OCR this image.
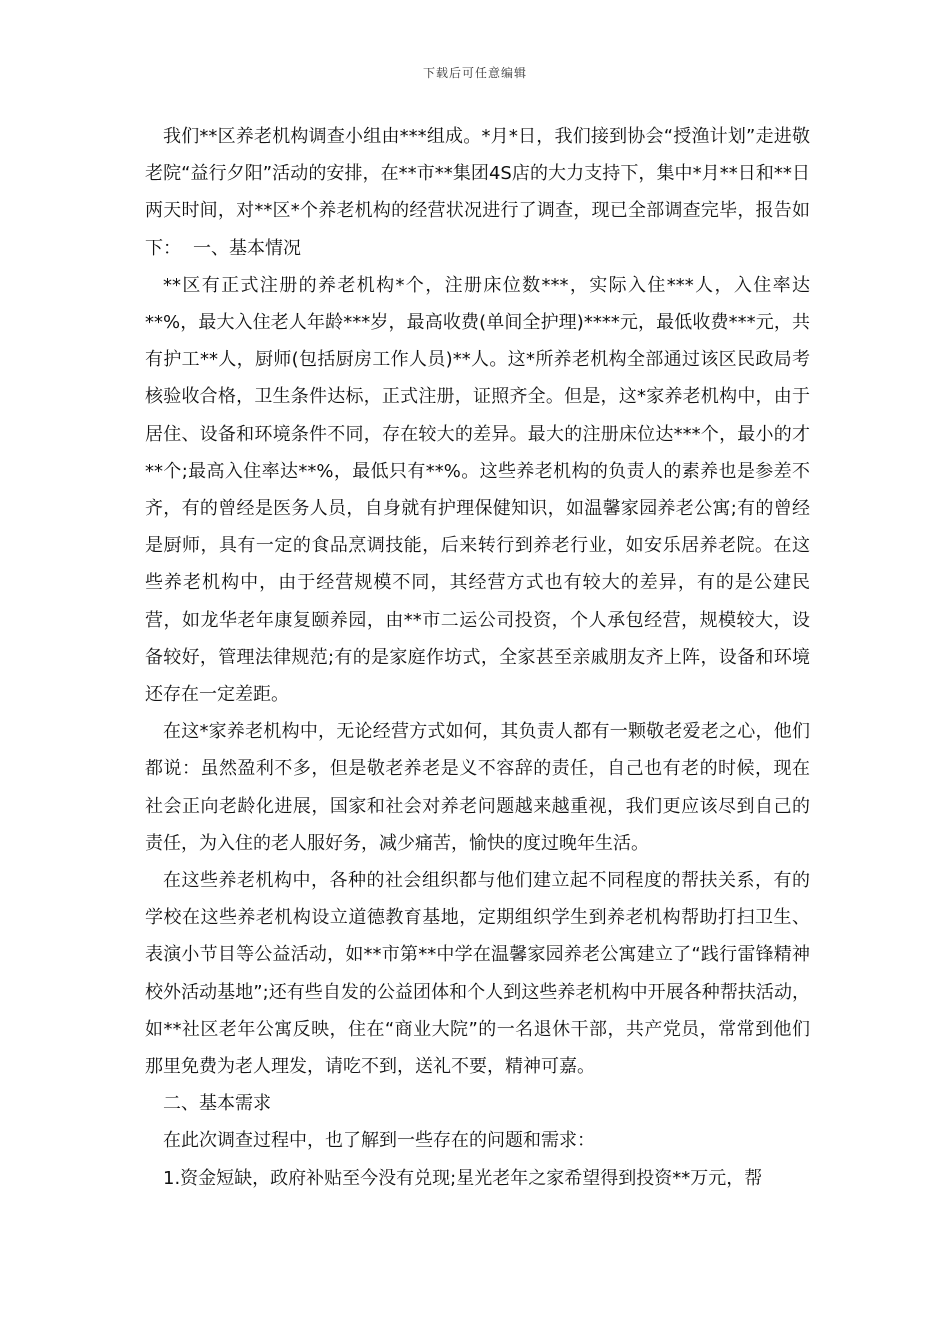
下载后可任意编辑

我们**区养老机构调查小组由***组成。*月*日，我们接到协会“授渔计划”走进敬老院“益行夕阳”活动的安排，在**市**集团4S店的大力支持下，集中*月**日和**日两天时间，对**区*个养老机构的经营状况进行了调查，现已全部调查完毕，报告如下： 一、基本情况

**区有正式注册的养老机构*个，注册床位数***，实际入住***人，入住率达**%，最大入住老人年龄***岁，最高收费(单间全护理)****元，最低收费***元，共有护工**人，厨师(包括厨房工作人员)**人。这*所养老机构全部通过该区民政局考核验收合格，卫生条件达标，正式注册，证照齐全。但是，这*家养老机构中，由于居住、设备和环境条件不同，存在较大的差异。最大的注册床位达***个，最小的才**个;最高入住率达**%，最低只有**%。这些养老机构的负责人的素养也是参差不齐，有的曾经是医务人员，自身就有护理保健知识，如温馨家园养老公寓;有的曾经是厨师，具有一定的食品烹调技能，后来转行到养老行业，如安乐居养老院。在这些养老机构中，由于经营规模不同，其经营方式也有较大的差异，有的是公建民营，如龙华老年康复颐养园，由**市二运公司投资，个人承包经营，规模较大，设备较好，管理法律规范;有的是家庭作坊式，全家甚至亲戚朋友齐上阵，设备和环境还存在一定差距。

在这*家养老机构中，无论经营方式如何，其负责人都有一颗敬老爱老之心，他们都说：虽然盈利不多，但是敬老养老是义不容辞的责任，自己也有老的时候，现在社会正向老龄化进展，国家和社会对养老问题越来越重视，我们更应该尽到自己的责任，为入住的老人服好务，减少痛苦，愉快的度过晚年生活。

在这些养老机构中，各种的社会组织都与他们建立起不同程度的帮扶关系，有的学校在这些养老机构设立道德教育基地，定期组织学生到养老机构帮助打扫卫生、表演小节目等公益活动，如**市第**中学在温馨家园养老公寓建立了“践行雷锋精神校外活动基地”;还有些自发的公益团体和个人到这些养老机构中开展各种帮扶活动，如**社区老年公寓反映，住在“商业大院”的一名退休干部，共产党员，常常到他们那里免费为老人理发，请吃不到，送礼不要，精神可嘉。

二、基本需求

在此次调查过程中，也了解到一些存在的问题和需求：

1.资金短缺，政府补贴至今没有兑现;星光老年之家希望得到投资**万元，帮
